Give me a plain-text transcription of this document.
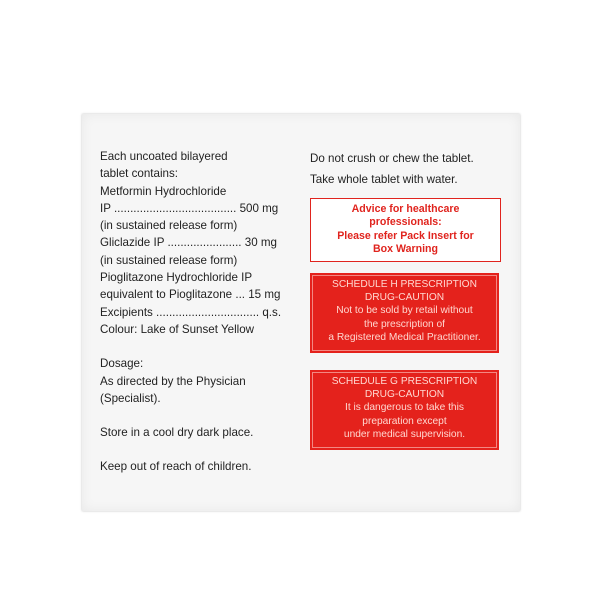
Each uncoated bilayered
tablet contains:
Metformin Hydrochloride
IP ...................................... 500 mg
(in sustained release form)
Gliclazide IP ....................... 30 mg
(in sustained release form)
Pioglitazone Hydrochloride IP
equivalent to Pioglitazone ... 15 mg
Excipients ................................ q.s.
Colour: Lake of Sunset Yellow
Dosage:
As directed by the Physician
(Specialist).
Store in a cool dry dark place.
Keep out of reach of children.
Do not crush or chew the tablet.
Take whole tablet with water.
Advice for healthcare
professionals:
Please refer Pack Insert for
Box Warning
SCHEDULE H PRESCRIPTION
DRUG-CAUTION
Not to be sold by retail without
the prescription of
a Registered Medical Practitioner.
SCHEDULE G PRESCRIPTION
DRUG-CAUTION
It is dangerous to take this
preparation except
under medical supervision.
